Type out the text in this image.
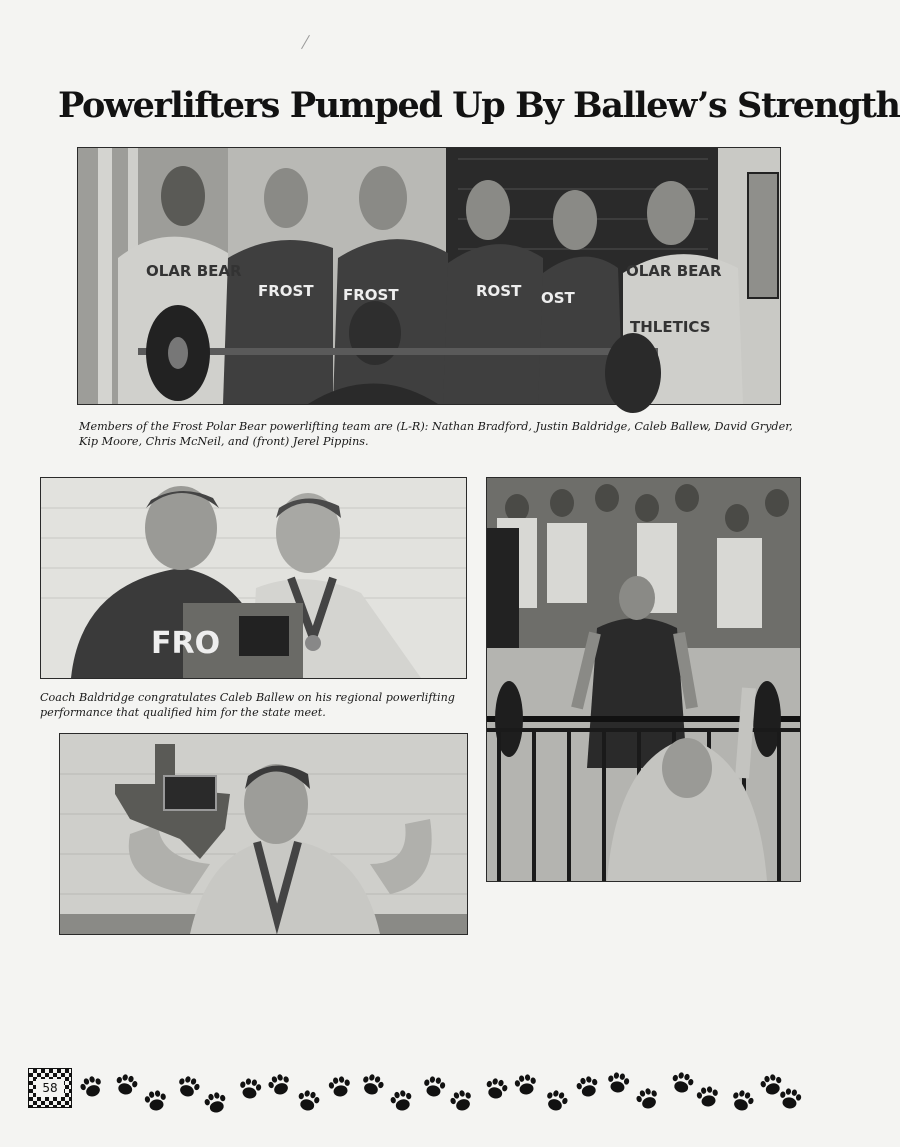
Powerlifters Pumped Up By Ballew’s Strength
OLAR BEAR
FROST FROST	ROST OST
OLAR BEAR
THLETICS
Members of the Frost Polar Bear powerlifting team are (L-R): Nathan Bradford, Justin Baldridge, Caleb Ballew, David Gryder, Kip Moore, Chris McNeil, and (front) Jerel Pippins.
FRO
Coach Baldridge congratulates Caleb Ballew on his regional powerlifting performance that qualified him for the state meet.
58
